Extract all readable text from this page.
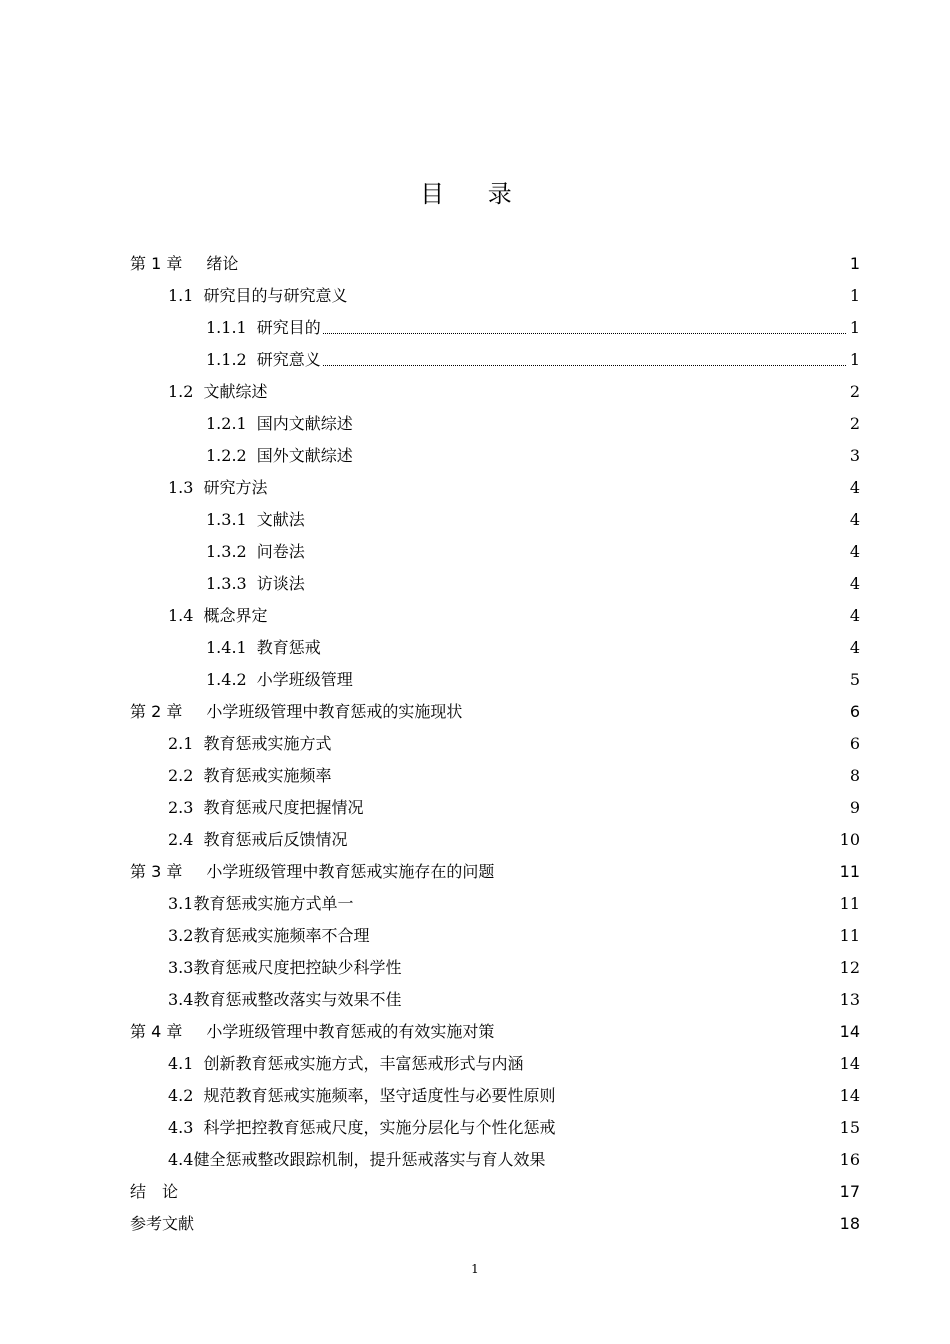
目 录
第 1 章 绪论	1
1.1 研究目的与研究意义	1
1.1.1 研究目的	1
1.1.2 研究意义	1
1.2 文献综述	2
1.2.1 国内文献综述	2
1.2.2 国外文献综述	3
1.3 研究方法	4
1.3.1 文献法	4
1.3.2 问卷法	4
1.3.3 访谈法	4
1.4 概念界定	4
1.4.1 教育惩戒	4
1.4.2 小学班级管理	5
第 2 章 小学班级管理中教育惩戒的实施现状	6
2.1 教育惩戒实施方式	6
2.2 教育惩戒实施频率	8
2.3 教育惩戒尺度把握情况	9
2.4 教育惩戒后反馈情况	10
第 3 章 小学班级管理中教育惩戒实施存在的问题	11
3.1 教育惩戒实施方式单一	11
3.2 教育惩戒实施频率不合理	11
3.3 教育惩戒尺度把控缺少科学性	12
3.4 教育惩戒整改落实与效果不佳	13
第 4 章 小学班级管理中教育惩戒的有效实施对策	14
4.1 创新教育惩戒实施方式，丰富惩戒形式与内涵	14
4.2 规范教育惩戒实施频率，坚守适度性与必要性原则	14
4.3 科学把控教育惩戒尺度，实施分层化与个性化惩戒	15
4.4 健全惩戒整改跟踪机制，提升惩戒落实与育人效果	16
结　论	17
参考文献	18
1
